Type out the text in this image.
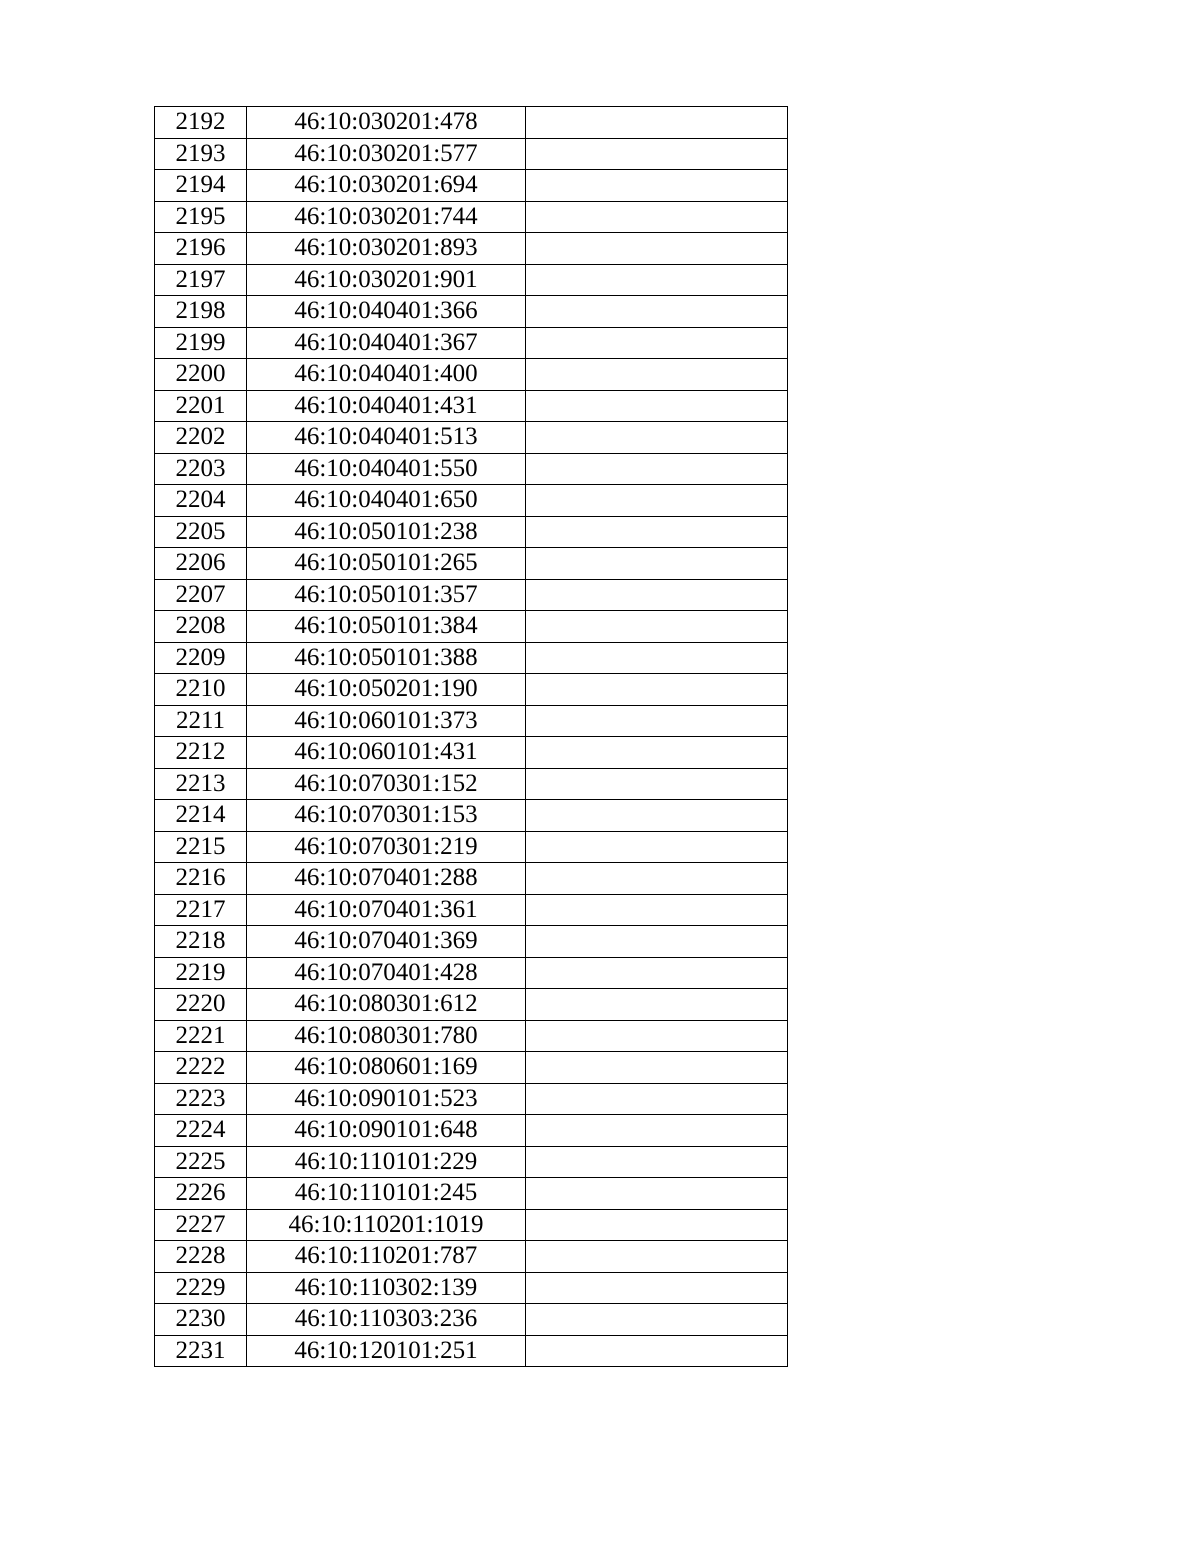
2192	46:10:030201:478	
2193	46:10:030201:577	
2194	46:10:030201:694	
2195	46:10:030201:744	
2196	46:10:030201:893	
2197	46:10:030201:901	
2198	46:10:040401:366	
2199	46:10:040401:367	
2200	46:10:040401:400	
2201	46:10:040401:431	
2202	46:10:040401:513	
2203	46:10:040401:550	
2204	46:10:040401:650	
2205	46:10:050101:238	
2206	46:10:050101:265	
2207	46:10:050101:357	
2208	46:10:050101:384	
2209	46:10:050101:388	
2210	46:10:050201:190	
2211	46:10:060101:373	
2212	46:10:060101:431	
2213	46:10:070301:152	
2214	46:10:070301:153	
2215	46:10:070301:219	
2216	46:10:070401:288	
2217	46:10:070401:361	
2218	46:10:070401:369	
2219	46:10:070401:428	
2220	46:10:080301:612	
2221	46:10:080301:780	
2222	46:10:080601:169	
2223	46:10:090101:523	
2224	46:10:090101:648	
2225	46:10:110101:229	
2226	46:10:110101:245	
2227	46:10:110201:1019	
2228	46:10:110201:787	
2229	46:10:110302:139	
2230	46:10:110303:236	
2231	46:10:120101:251	
